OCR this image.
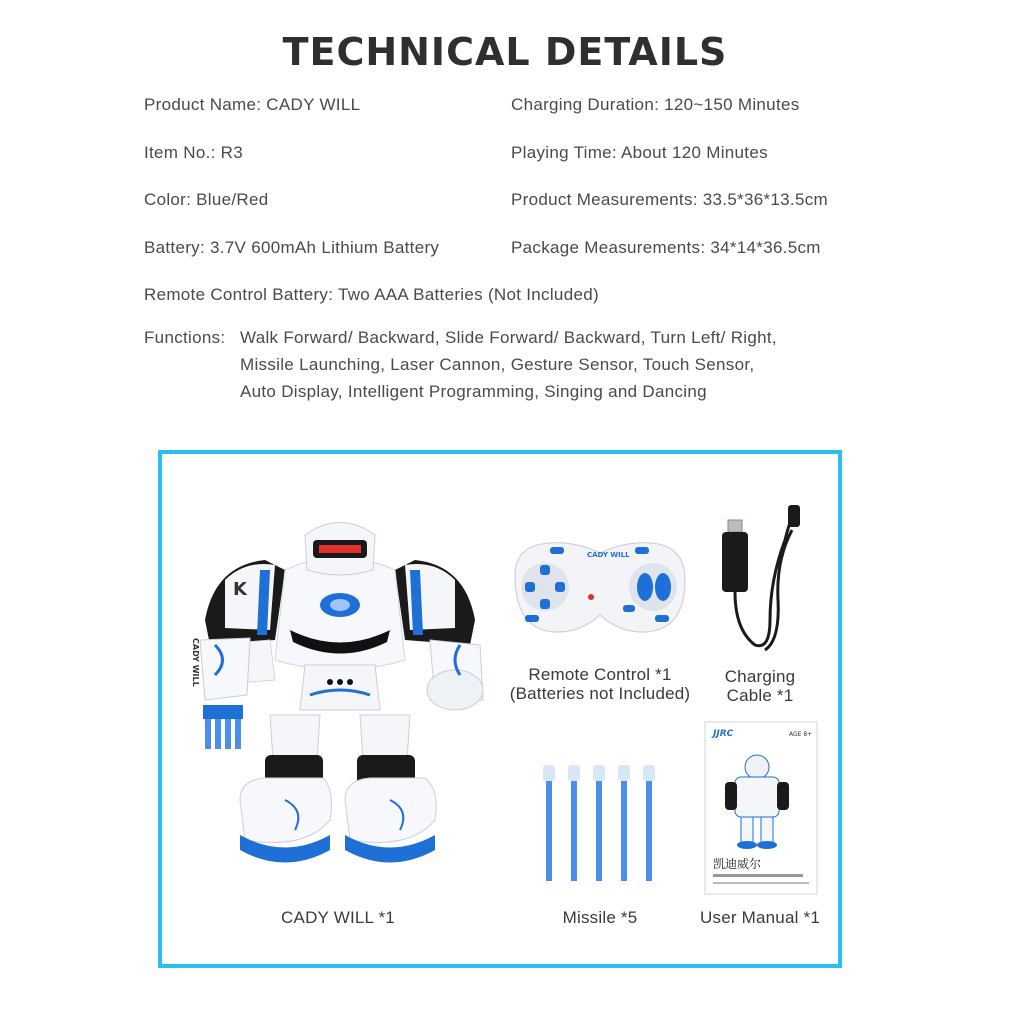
TECHNICAL DETAILS
Product Name: CADY WILL	Charging Duration: 120~150 Minutes
Item No.: R3	Playing Time: About 120 Minutes
Color: Blue/Red	Product Measurements: 33.5*36*13.5cm
Battery: 3.7V 600mAh Lithium Battery	Package Measurements: 34*14*36.5cm
Remote Control Battery: Two AAA Batteries (Not Included)
Functions: Walk Forward/ Backward, Slide Forward/ Backward, Turn Left/ Right,
Missile Launching, Laser Cannon, Gesture Sensor, Touch Sensor,
Auto Display, Intelligent Programming, Singing and Dancing
K
CADY WILL
CADY WILL
JJRC	AGE 8+
凯迪威尔
CADY WILL *1
Remote Control *1
(Batteries not Included)
Charging
Cable *1
Missile *5	User Manual *1
